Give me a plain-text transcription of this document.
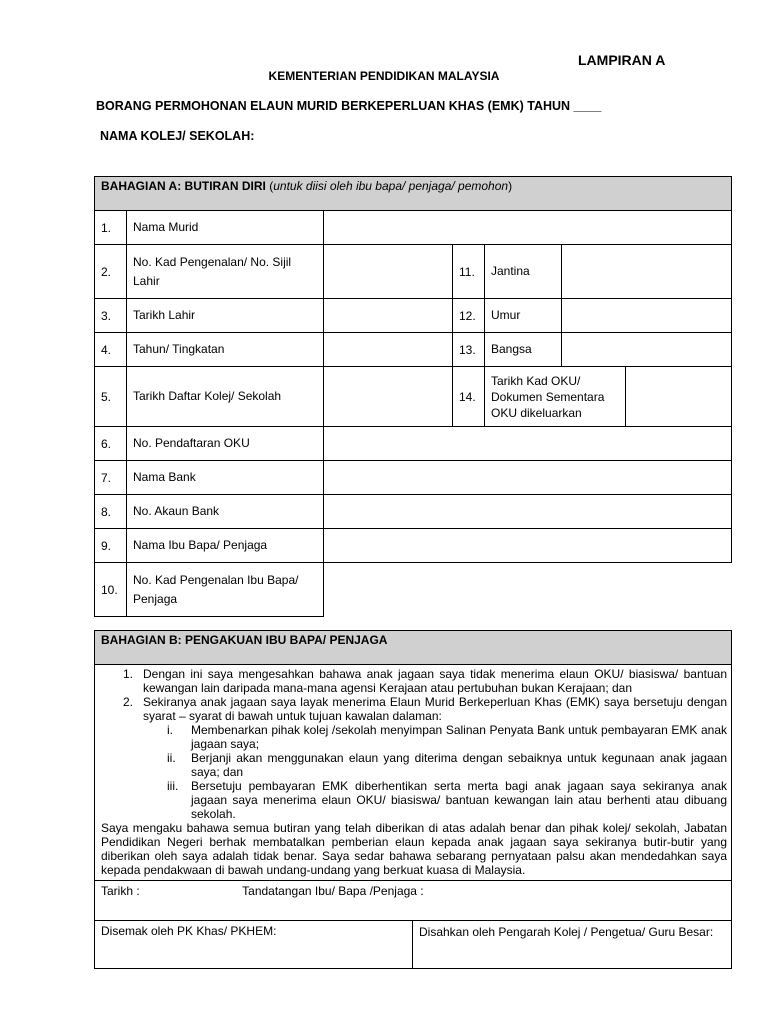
LAMPIRAN A
KEMENTERIAN PENDIDIKAN MALAYSIA
BORANG PERMOHONAN ELAUN MURID BERKEPERLUAN KHAS (EMK) TAHUN ____
NAMA KOLEJ/ SEKOLAH:
BAHAGIAN A: BUTIRAN DIRI (untuk diisi oleh ibu bapa/ penjaga/ pemohon)						
1.	Nama Murid					
2.	No. Kad Pengenalan/ No. Sijil Lahir		11.	Jantina		
3.	Tarikh Lahir		12.	Umur		
4.	Tahun/ Tingkatan		13.	Bangsa		
5.	Tarikh Daftar Kolej/ Sekolah		14.	Tarikh Kad OKU/ Dokumen Sementara OKU dikeluarkan		
6.	No. Pendaftaran OKU					
7.	Nama Bank					
8.	No. Akaun Bank					
9.	Nama Ibu Bapa/ Penjaga					
10.	No. Kad Pengenalan Ibu Bapa/ Penjaga					
BAHAGIAN B: PENGAKUAN IBU BAPA/ PENJAGA

1. Dengan ini saya mengesahkan bahawa anak jagaan saya tidak menerima elaun OKU/ biasiswa/ bantuan kewangan lain daripada mana-mana agensi Kerajaan atau pertubuhan bukan Kerajaan; dan
2. Sekiranya anak jagaan saya layak menerima Elaun Murid Berkeperluan Khas (EMK) saya bersetuju dengan syarat – syarat di bawah untuk tujuan kawalan dalaman:
i. Membenarkan pihak kolej /sekolah menyimpan Salinan Penyata Bank untuk pembayaran EMK anak jagaan saya;
ii. Berjanji akan menggunakan elaun yang diterima dengan sebaiknya untuk kegunaan anak jagaan saya; dan
iii. Bersetuju pembayaran EMK diberhentikan serta merta bagi anak jagaan saya sekiranya anak jagaan saya menerima elaun OKU/ biasiswa/ bantuan kewangan lain atau berhenti atau dibuang sekolah.
Saya mengaku bahawa semua butiran yang telah diberikan di atas adalah benar dan pihak kolej/ sekolah, Jabatan Pendidikan Negeri berhak membatalkan pemberian elaun kepada anak jagaan saya sekiranya butir-butir yang diberikan oleh saya adalah tidak benar. Saya sedar bahawa sebarang pernyataan palsu akan mendedahkan saya kepada pendakwaan di bawah undang-undang yang berkuat kuasa di Malaysia.

Tarikh :	Tandatangan Ibu/ Bapa /Penjaga :
Disemak oleh PK Khas/ PKHEM:	Disahkan oleh Pengarah Kolej / Pengetua/ Guru Besar:
